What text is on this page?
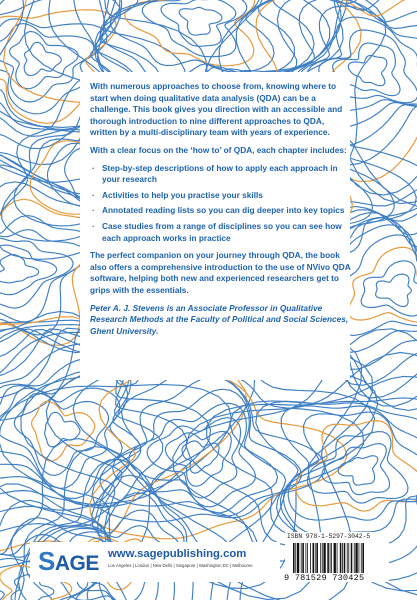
With numerous approaches to choose from, knowing where to start when doing qualitative data analysis (QDA) can be a challenge. This book gives you direction with an accessible and thorough introduction to nine different approaches to QDA, written by a multi-disciplinary team with years of experience.

With a clear focus on the ‘how to’ of QDA, each chapter includes:

· Step-by-step descriptions of how to apply each approach in your research
· Activities to help you practise your skills
· Annotated reading lists so you can dig deeper into key topics
· Case studies from a range of disciplines so you can see how each approach works in practice

The perfect companion on your journey through QDA, the book also offers a comprehensive introduction to the use of NVivo QDA software, helping both new and experienced researchers get to grips with the essentials.

Peter A. J. Stevens is an Associate Professor in Qualitative Research Methods at the Faculty of Political and Social Sciences, Ghent University.

SAGE www.sagepublishing.com
Los Angeles | London | New Delhi | Singapore | Washington DC | Melbourne
ISBN 978-1-5297-3042-5
9 781529 730425
